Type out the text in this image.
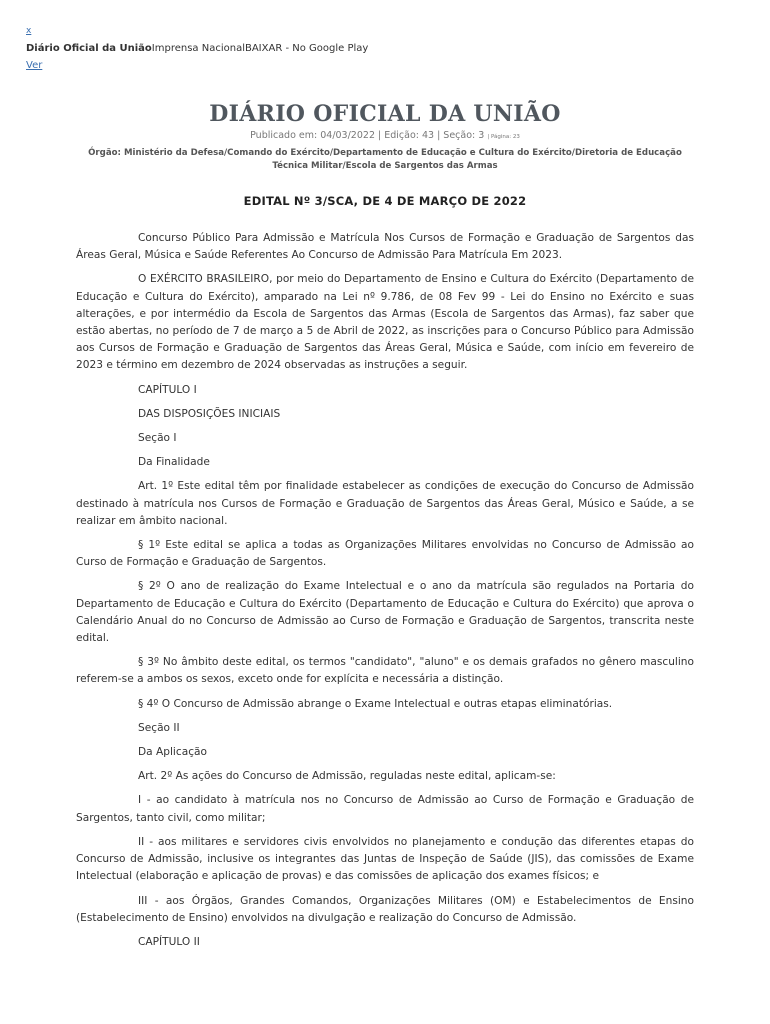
x
Diário Oficial da UniãoImprensa NacionalBAIXAR - No Google Play
Ver
DIÁRIO OFICIAL DA UNIÃO
Publicado em: 04/03/2022 | Edição: 43 | Seção: 3 | Página: 23
Órgão: Ministério da Defesa/Comando do Exército/Departamento de Educação e Cultura do Exército/Diretoria de Educação Técnica Militar/Escola de Sargentos das Armas
EDITAL Nº 3/SCA, DE 4 DE MARÇO DE 2022

Concurso Público Para Admissão e Matrícula Nos Cursos de Formação e Graduação de Sargentos das Áreas Geral, Música e Saúde Referentes Ao Concurso de Admissão Para Matrícula Em 2023.

O EXÉRCITO BRASILEIRO, por meio do Departamento de Ensino e Cultura do Exército (Departamento de Educação e Cultura do Exército), amparado na Lei nº 9.786, de 08 Fev 99 - Lei do Ensino no Exército e suas alterações, e por intermédio da Escola de Sargentos das Armas (Escola de Sargentos das Armas), faz saber que estão abertas, no período de 7 de março a 5 de Abril de 2022, as inscrições para o Concurso Público para Admissão aos Cursos de Formação e Graduação de Sargentos das Áreas Geral, Música e Saúde, com início em fevereiro de 2023 e término em dezembro de 2024 observadas as instruções a seguir.

CAPÍTULO I

DAS DISPOSIÇÕES INICIAIS

Seção I

Da Finalidade

Art. 1º Este edital têm por finalidade estabelecer as condições de execução do Concurso de Admissão destinado à matrícula nos Cursos de Formação e Graduação de Sargentos das Áreas Geral, Músico e Saúde, a se realizar em âmbito nacional.

§ 1º Este edital se aplica a todas as Organizações Militares envolvidas no Concurso de Admissão ao Curso de Formação e Graduação de Sargentos.

§ 2º O ano de realização do Exame Intelectual e o ano da matrícula são regulados na Portaria do Departamento de Educação e Cultura do Exército (Departamento de Educação e Cultura do Exército) que aprova o Calendário Anual do no Concurso de Admissão ao Curso de Formação e Graduação de Sargentos, transcrita neste edital.

§ 3º No âmbito deste edital, os termos "candidato", "aluno" e os demais grafados no gênero masculino referem-se a ambos os sexos, exceto onde for explícita e necessária a distinção.

§ 4º O Concurso de Admissão abrange o Exame Intelectual e outras etapas eliminatórias.

Seção II

Da Aplicação

Art. 2º As ações do Concurso de Admissão, reguladas neste edital, aplicam-se:

I - ao candidato à matrícula nos no Concurso de Admissão ao Curso de Formação e Graduação de Sargentos, tanto civil, como militar;

II - aos militares e servidores civis envolvidos no planejamento e condução das diferentes etapas do Concurso de Admissão, inclusive os integrantes das Juntas de Inspeção de Saúde (JIS), das comissões de Exame Intelectual (elaboração e aplicação de provas) e das comissões de aplicação dos exames físicos; e

III - aos Órgãos, Grandes Comandos, Organizações Militares (OM) e Estabelecimentos de Ensino (Estabelecimento de Ensino) envolvidos na divulgação e realização do Concurso de Admissão.

CAPÍTULO II
